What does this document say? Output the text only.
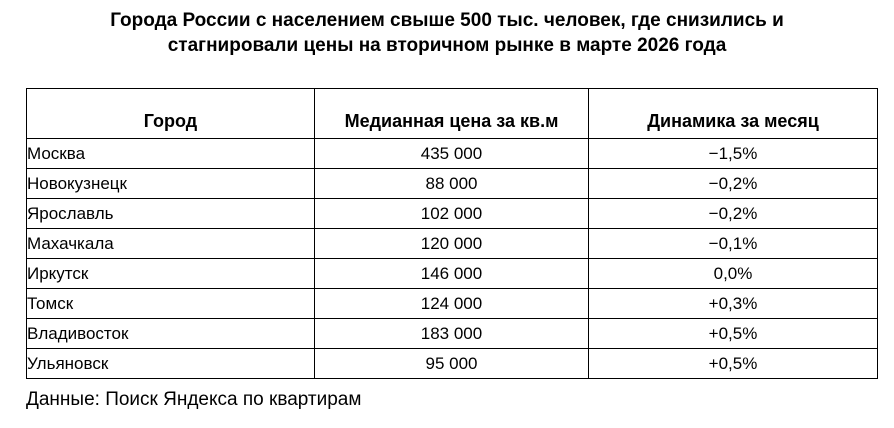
Города России с населением свыше 500 тыс. человек, где снизились и
стагнировали цены на вторичном рынке в марте 2026 года
Город	Медианная цена за кв.м	Динамика за месяц
Москва	435 000	−1,5%
Новокузнецк	88 000	−0,2%
Ярославль	102 000	−0,2%
Махачкала	120 000	−0,1%
Иркутск	146 000	0,0%
Томск	124 000	+0,3%
Владивосток	183 000	+0,5%
Ульяновск	95 000	+0,5%
Данные: Поиск Яндекса по квартирам
